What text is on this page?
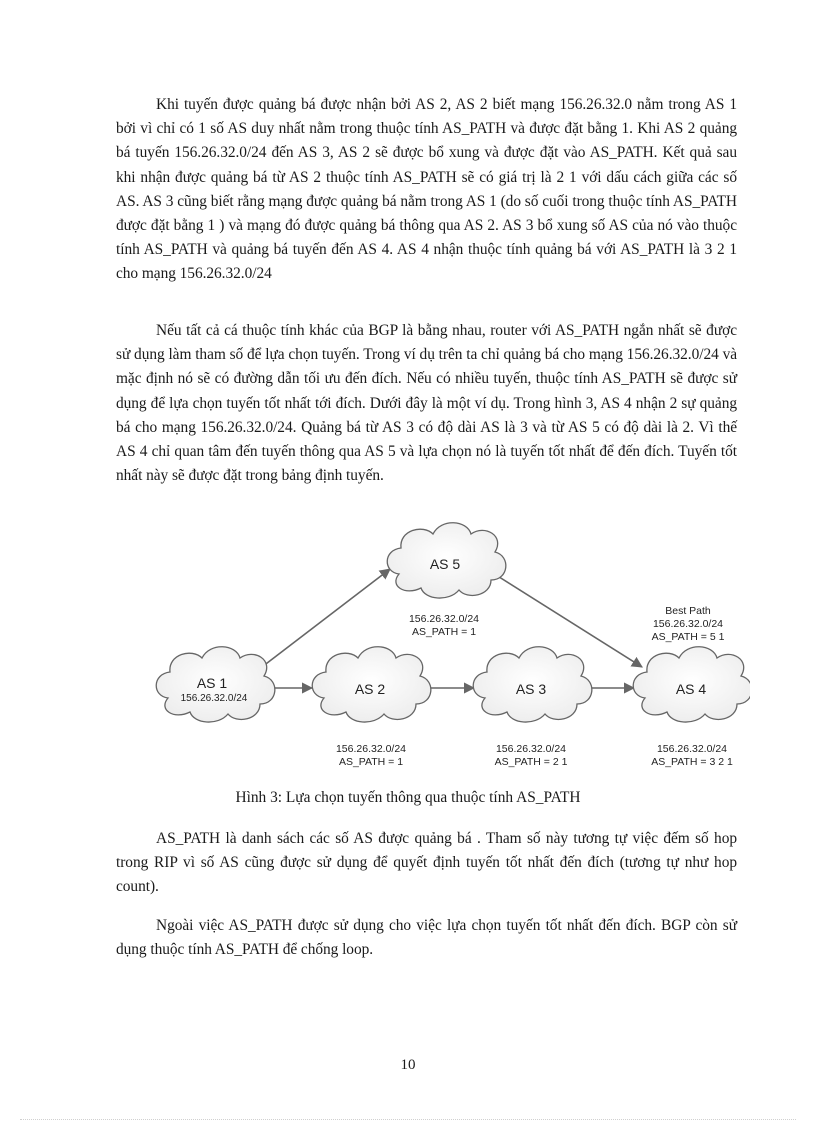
Khi tuyến được quảng bá được nhận bởi AS 2, AS 2 biết mạng 156.26.32.0 nằm trong AS 1 bởi vì chỉ có 1 số AS duy nhất nằm trong thuộc tính AS_PATH và được đặt bằng 1. Khi AS 2 quảng bá tuyến 156.26.32.0/24 đến AS 3, AS 2 sẽ được bổ xung và được đặt vào AS_PATH. Kết quả sau khi nhận được quảng bá từ AS 2 thuộc tính AS_PATH sẽ có giá trị là 2 1 với dấu cách giữa các số AS. AS 3 cũng biết rằng mạng được quảng bá nằm trong AS 1 (do số cuối trong thuộc tính AS_PATH được đặt bằng 1 ) và mạng đó được quảng bá thông qua AS 2. AS 3 bổ xung số AS của nó vào thuộc tính AS_PATH và quảng bá tuyến đến AS 4. AS 4 nhận thuộc tính quảng bá với AS_PATH là 3 2 1 cho mạng 156.26.32.0/24

Nếu tất cả cá thuộc tính khác của BGP là bằng nhau, router với AS_PATH ngắn nhất sẽ được sử dụng làm tham số để lựa chọn tuyến. Trong ví dụ trên ta chỉ quảng bá cho mạng 156.26.32.0/24 và mặc định nó sẽ có đường dẫn tối ưu đến đích. Nếu có nhiều tuyến, thuộc tính AS_PATH sẽ được sử dụng để lựa chọn tuyến tốt nhất tới đích. Dưới đây là một ví dụ. Trong hình 3, AS 4 nhận 2 sự quảng bá cho mạng 156.26.32.0/24. Quảng bá từ AS 3 có độ dài AS là 3 và từ AS 5 có độ dài là 2. Vì thế AS 4 chỉ quan tâm đến tuyến thông qua AS 5 và lựa chọn nó là tuyến tốt nhất để đến đích. Tuyến tốt nhất này sẽ được đặt trong bảng định tuyến.

AS 5
AS 1
156.26.32.0/24
AS 2	AS 3	AS 4
156.26.32.0/24
AS_PATH = 1
Best Path
156.26.32.0/24
AS_PATH = 5 1
156.26.32.0/24
AS_PATH = 1
156.26.32.0/24
AS_PATH = 2 1
156.26.32.0/24
AS_PATH = 3 2 1

Hình 3: Lựa chọn tuyến thông qua thuộc tính AS_PATH

AS_PATH là danh sách các số AS được quảng bá . Tham số này tương tự việc đếm số hop trong RIP vì số AS cũng được sử dụng để quyết định tuyến tốt nhất đến đích (tương tự như hop count).

Ngoài việc AS_PATH được sử dụng cho việc lựa chọn tuyến tốt nhất đến đích. BGP còn sử dụng thuộc tính AS_PATH để chống loop.

10
